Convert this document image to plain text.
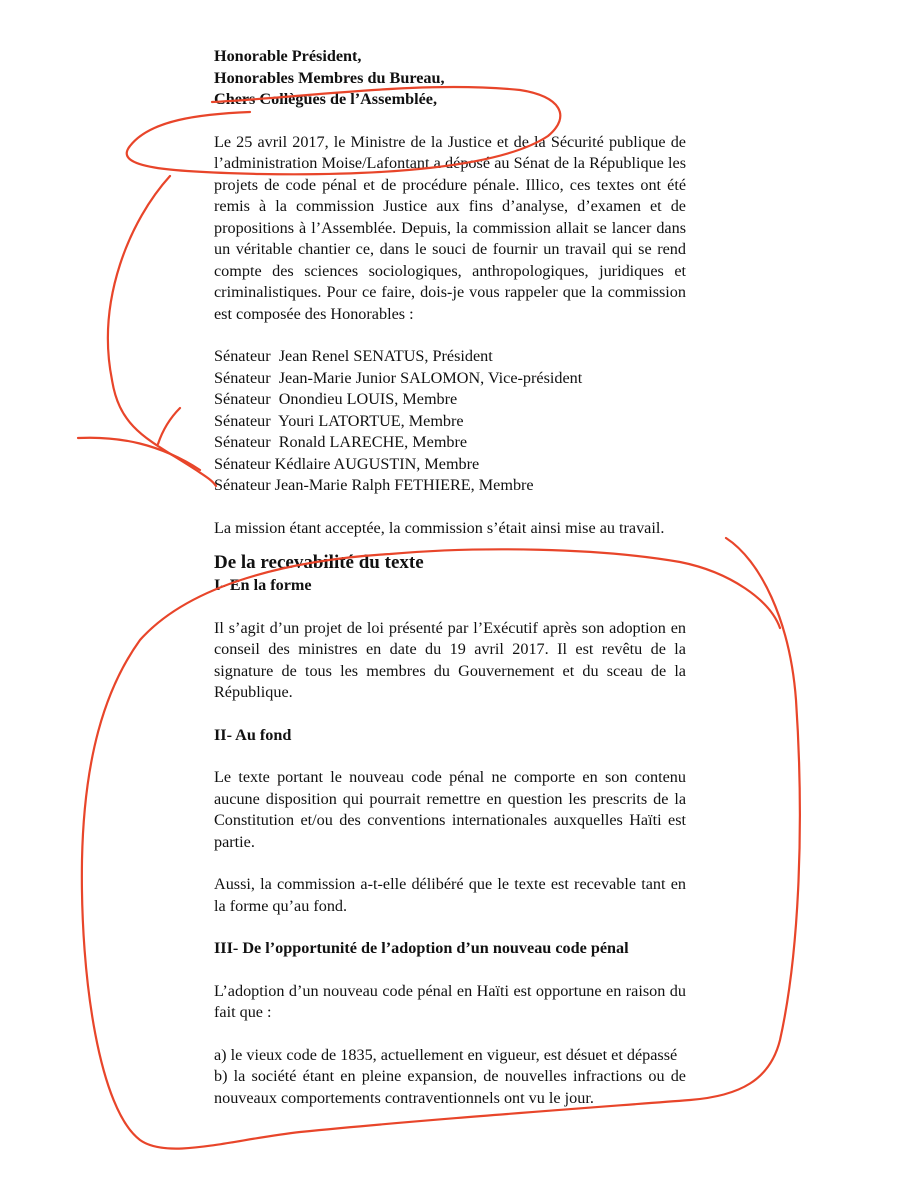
Honorable Président,

Honorables Membres du Bureau,

Chers Collègues de l’Assemblée,

Le 25 avril 2017, le Ministre de la Justice et de la Sécurité publique de l’administration Moise/Lafontant a déposé au Sénat de la République les projets de code pénal et de procédure pénale. Illico, ces textes ont été remis à la commission Justice aux fins d’analyse, d’examen et de propositions à l’Assemblée. Depuis, la commission allait se lancer dans un véritable chantier ce, dans le souci de fournir un travail qui se rend compte des sciences sociologiques, anthropologiques, juridiques et criminalistiques. Pour ce faire, dois-je vous rappeler que la commission est composée des Honorables :

Sénateur  Jean Renel SENATUS, Président

Sénateur  Jean-Marie Junior SALOMON, Vice-président

Sénateur  Onondieu LOUIS, Membre

Sénateur  Youri LATORTUE, Membre

Sénateur  Ronald LARECHE, Membre

Sénateur Kédlaire AUGUSTIN, Membre

Sénateur Jean-Marie Ralph FETHIERE, Membre

La mission étant acceptée, la commission s’était ainsi mise au travail.

De la recevabilité du texte

I- En la forme

Il s’agit d’un projet de loi présenté par l’Exécutif après son adoption en conseil des ministres en date du 19 avril 2017. Il est revêtu de la signature de tous les membres du Gouvernement et du sceau de la République.

II- Au fond

Le texte portant le nouveau code pénal ne comporte en son contenu aucune disposition qui pourrait remettre en question les prescrits de la Constitution et/ou des conventions internationales auxquelles Haïti est partie.

Aussi, la commission a-t-elle délibéré que le texte est recevable tant en la forme qu’au fond.

III- De l’opportunité de l’adoption d’un nouveau code pénal

L’adoption d’un nouveau code pénal en Haïti est opportune en raison du fait que :

a) le vieux code de 1835, actuellement en vigueur, est désuet et dépassé

b) la société étant en pleine expansion, de nouvelles infractions ou de nouveaux comportements contraventionnels ont vu le jour.
